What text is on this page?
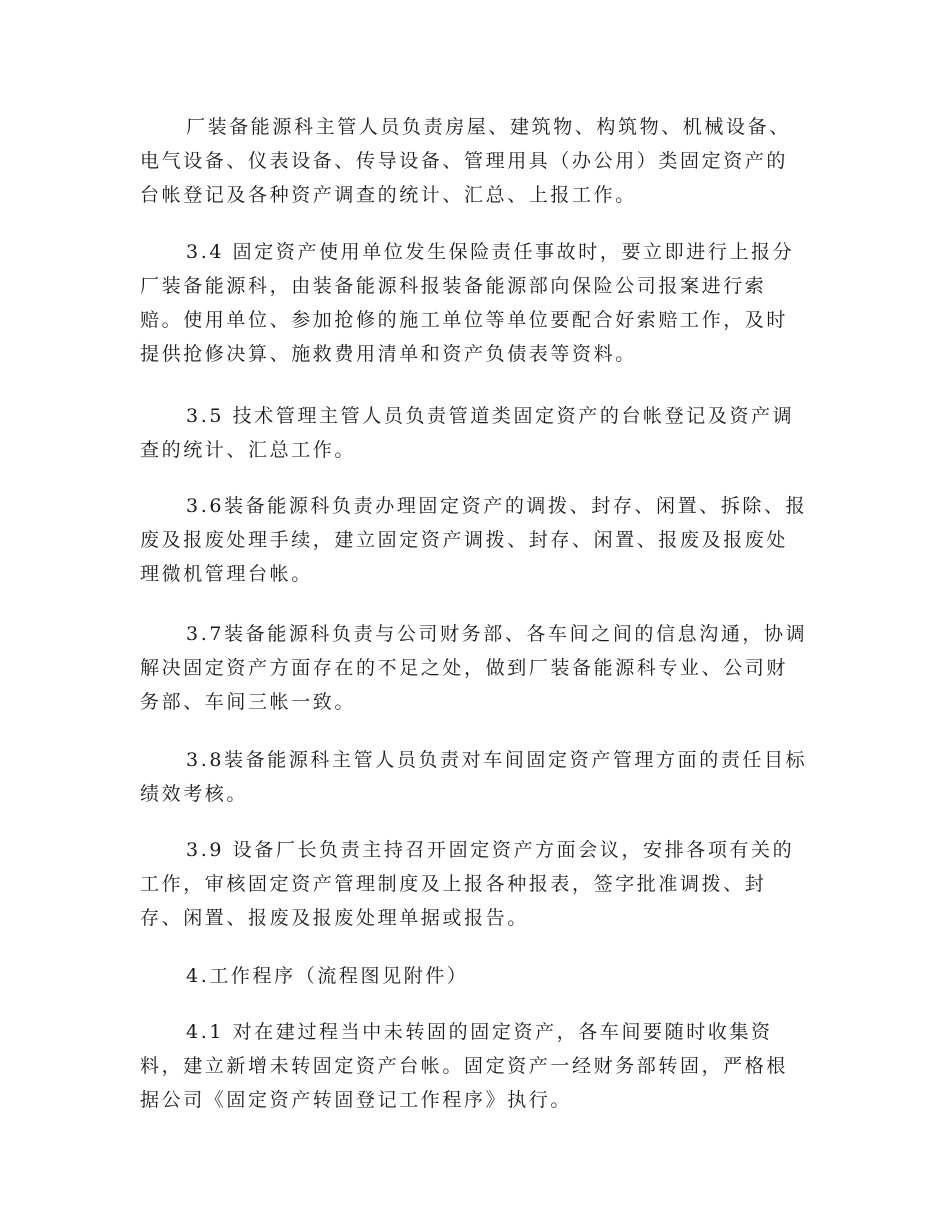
厂装备能源科主管人员负责房屋、建筑物、构筑物、机械设备、
电气设备、仪表设备、传导设备、管理用具（办公用）类固定资产的
台帐登记及各种资产调查的统计、汇总、上报工作。
3.4 固定资产使用单位发生保险责任事故时，要立即进行上报分
厂装备能源科，由装备能源科报装备能源部向保险公司报案进行索
赔。使用单位、参加抢修的施工单位等单位要配合好索赔工作，及时
提供抢修决算、施救费用清单和资产负债表等资料。
3.5 技术管理主管人员负责管道类固定资产的台帐登记及资产调
查的统计、汇总工作。
3.6装备能源科负责办理固定资产的调拨、封存、闲置、拆除、报
废及报废处理手续，建立固定资产调拨、封存、闲置、报废及报废处
理微机管理台帐。
3.7装备能源科负责与公司财务部、各车间之间的信息沟通，协调
解决固定资产方面存在的不足之处，做到厂装备能源科专业、公司财
务部、车间三帐一致。
3.8装备能源科主管人员负责对车间固定资产管理方面的责任目标
绩效考核。
3.9 设备厂长负责主持召开固定资产方面会议，安排各项有关的
工作，审核固定资产管理制度及上报各种报表，签字批准调拨、封
存、闲置、报废及报废处理单据或报告。
4.工作程序（流程图见附件）
4.1 对在建过程当中未转固的固定资产，各车间要随时收集资
料，建立新增未转固定资产台帐。固定资产一经财务部转固，严格根
据公司《固定资产转固登记工作程序》执行。
